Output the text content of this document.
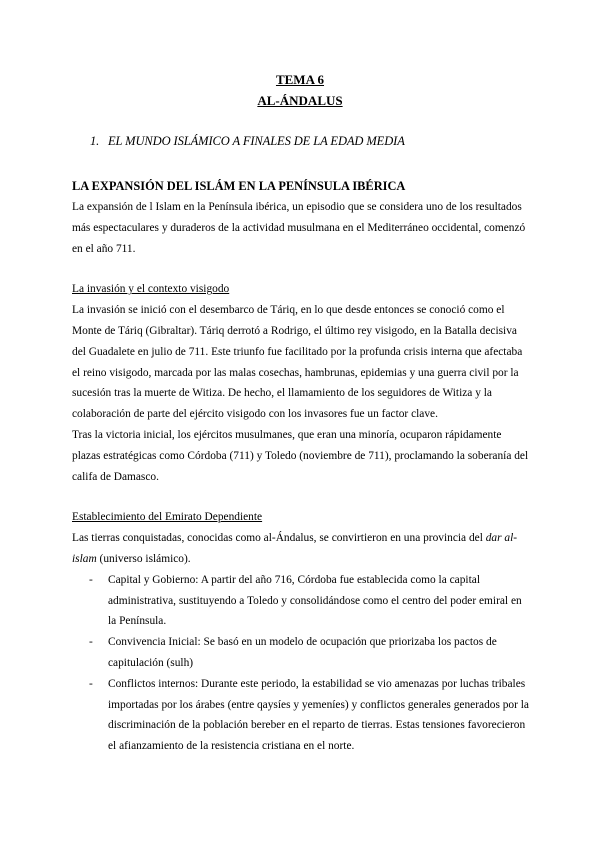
TEMA 6
AL-ÁNDALUS
1. EL MUNDO ISLÁMICO A FINALES DE LA EDAD MEDIA

LA EXPANSIÓN DEL ISLÁM EN LA PENÍNSULA IBÉRICA

La expansión de l Islam en la Península ibérica, un episodio que se considera uno de los resultados más espectaculares y duraderos de la actividad musulmana en el Mediterráneo occidental, comenzó en el año 711.

La invasión y el contexto visigodo

La invasión se inició con el desembarco de Táriq, en lo que desde entonces se conoció como el Monte de Táriq (Gibraltar). Táriq derrotó a Rodrigo, el último rey visigodo, en la Batalla decisiva del Guadalete en julio de 711. Este triunfo fue facilitado por la profunda crisis interna que afectaba el reino visigodo, marcada por las malas cosechas, hambrunas, epidemias y una guerra civil por la sucesión tras la muerte de Witiza. De hecho, el llamamiento de los seguidores de Witiza y la colaboración de parte del ejército visigodo con los invasores fue un factor clave.

Tras la victoria inicial, los ejércitos musulmanes, que eran una minoría, ocuparon rápidamente plazas estratégicas como Córdoba (711) y Toledo (noviembre de 711), proclamando la soberanía del califa de Damasco.

Establecimiento del Emirato Dependiente

Las tierras conquistadas, conocidas como al-Ándalus, se convirtieron en una provincia del dar al-islam (universo islámico).

- Capital y Gobierno: A partir del año 716, Córdoba fue establecida como la capital administrativa, sustituyendo a Toledo y consolidándose como el centro del poder emiral en la Península.
- Convivencia Inicial: Se basó en un modelo de ocupación que priorizaba los pactos de capitulación (sulh)
- Conflictos internos: Durante este periodo, la estabilidad se vio amenazas por luchas tribales importadas por los árabes (entre qaysíes y yemeníes) y conflictos generales generados por la discriminación de la población bereber en el reparto de tierras. Estas tensiones favorecieron el afianzamiento de la resistencia cristiana en el norte.
